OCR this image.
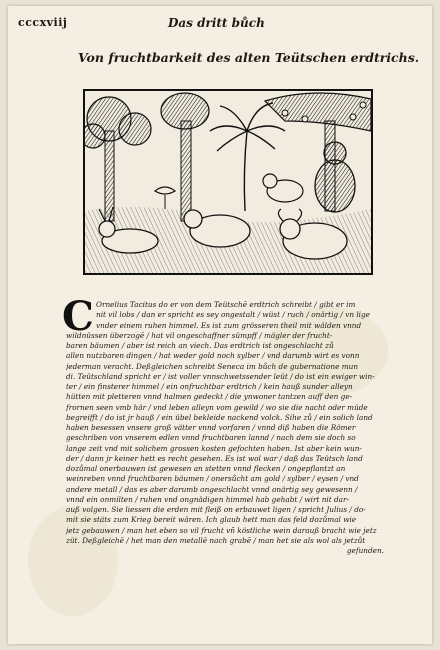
cccxviij	Das dritt bůch
Von fruchtbarkeit des alten Teütschen erdtrichs.
C Ornelius Tacitus do er von dem Teütschē erdtrich schreibt / gibt er im
nit vil lobs / dan er spricht es sey ongestalt / wüst / ruch / onärtig / vn lige
vnder einem ruhen himmel. Es ist zum grösseren theil mit wälden vnnd
wildnüssen überzogē / hat vil ongeschaffner sümpff / mägler der frucht-
baren bäumen / aber ist reich an viech. Das erdtrich ist ongeschlacht zů
allen nutzbaren dingen / hat weder gold noch sylber / vnd darumb wirt es vonn
jederman veracht. Deßgleichen schreibt Seneca im bůch de gubernatione mun
di. Teütschland spricht er / ist voller vnnschwetssender leüt / do ist ein ewiger win-
ter / ein finsterer himmel / ein onfruchtbar erdtrich / kein hauß sunder alleyn
hütten mit pletteren vnnd halmen gedeckt / die ynwoner tantzen auff den ge-
frornen seen vmb här / vnd leben alleyn vom gewild / wo sie die nacht oder müde
begreifft / do ist jr hauß / ein übel bekleide nackend volck. Sihe zů / ein solich land
haben besessen vnsere groß vätter vnnd vorfaren / vnnd diß haben die Römer
geschriben von vnserem edlen vnnd fruchtbaren lannd / nach dem sie doch so
lange zeit vnd mit solichem grossen kosten gefochten haben. Ist aber kein wun-
der / dann jr keiner hett es recht gesehen. Es ist wol war / daß das Teütsch land
dozůmal onerbauwen ist gewesen an stetten vnnd flecken / ongepflantzt an
weinreben vnnd fruchtbaren bäumen / onersůcht am gold / sylber / eysen / vnd
andere metall / das es aber darumb ongeschlacht vnnd onärtig sey gewesenn /
vnnd ein onmilten / ruhen vnd ongnädigen himmel hab gehabt / wirt nit dar-
auß volgen. Sie liessen die erden mit fleiß on erbauwet ligen / spricht Julius / do-
mit sie stäts zum Krieg bereit wären. Ich glaub hett man das feld dozůmal wie
jetz gebauwen / man het eben so vil frucht vñ köstliche wein darauß bracht wie jetz
züt. Deßgleichē / het man den metallē nach grabē / man het sie als wol als jetzůt
gefunden.
